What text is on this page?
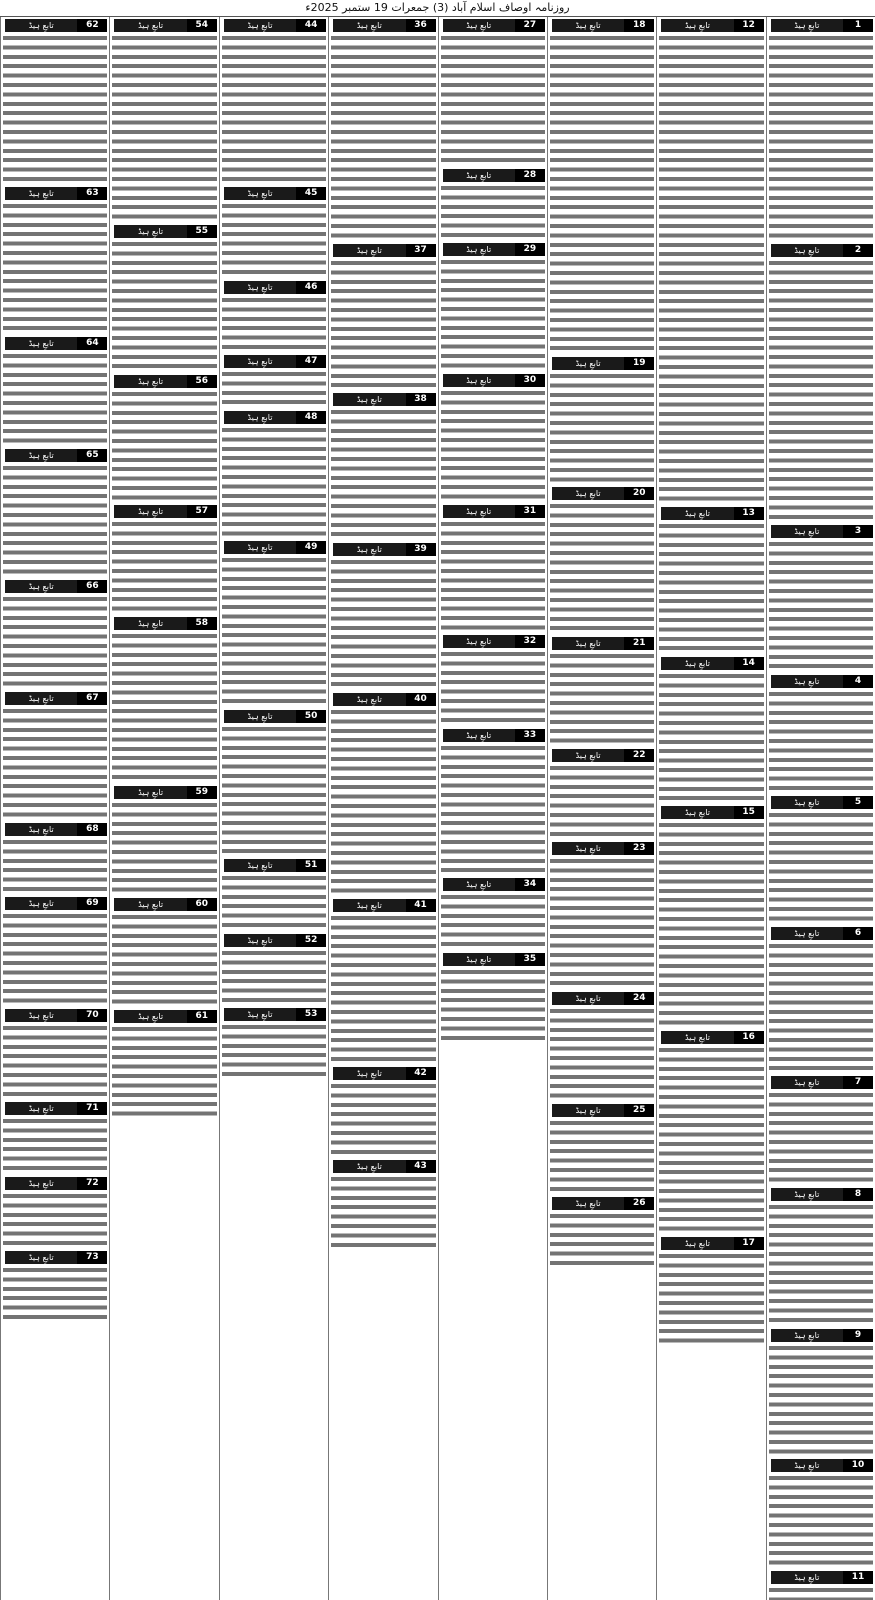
روزنامہ اوصاف اسلام آباد (3) جمعرات 19 ستمبر 2025ء
تابعِ ہیڈ	1

تابعِ ہیڈ	2

تابعِ ہیڈ	3

تابعِ ہیڈ	4

تابعِ ہیڈ	5

تابعِ ہیڈ	6

تابعِ ہیڈ	7

تابعِ ہیڈ	8

تابعِ ہیڈ	9

تابعِ ہیڈ	10

تابعِ ہیڈ	11

تابعِ ہیڈ	12

تابعِ ہیڈ	13

تابعِ ہیڈ	14

تابعِ ہیڈ	15

تابعِ ہیڈ	16

تابعِ ہیڈ	17

تابعِ ہیڈ	18

تابعِ ہیڈ	19

تابعِ ہیڈ	20

تابعِ ہیڈ	21

تابعِ ہیڈ	22

تابعِ ہیڈ	23

تابعِ ہیڈ	24

تابعِ ہیڈ	25

تابعِ ہیڈ	26

تابعِ ہیڈ	27

تابعِ ہیڈ	28

تابعِ ہیڈ	29

تابعِ ہیڈ	30

تابعِ ہیڈ	31

تابعِ ہیڈ	32

تابعِ ہیڈ	33

تابعِ ہیڈ	34

تابعِ ہیڈ	35

تابعِ ہیڈ	36

تابعِ ہیڈ	37

تابعِ ہیڈ	38

تابعِ ہیڈ	39

تابعِ ہیڈ	40

تابعِ ہیڈ	41

تابعِ ہیڈ	42

تابعِ ہیڈ	43

تابعِ ہیڈ	44

تابعِ ہیڈ	45

تابعِ ہیڈ	46

تابعِ ہیڈ	47

تابعِ ہیڈ	48

تابعِ ہیڈ	49

تابعِ ہیڈ	50

تابعِ ہیڈ	51

تابعِ ہیڈ	52

تابعِ ہیڈ	53

تابعِ ہیڈ	54

تابعِ ہیڈ	55

تابعِ ہیڈ	56

تابعِ ہیڈ	57

تابعِ ہیڈ	58

تابعِ ہیڈ	59

تابعِ ہیڈ	60

تابعِ ہیڈ	61

تابعِ ہیڈ	62

تابعِ ہیڈ	63

تابعِ ہیڈ	64

تابعِ ہیڈ	65

تابعِ ہیڈ	66

تابعِ ہیڈ	67

تابعِ ہیڈ	68

تابعِ ہیڈ	69

تابعِ ہیڈ	70

تابعِ ہیڈ	71

تابعِ ہیڈ	72

تابعِ ہیڈ	73
